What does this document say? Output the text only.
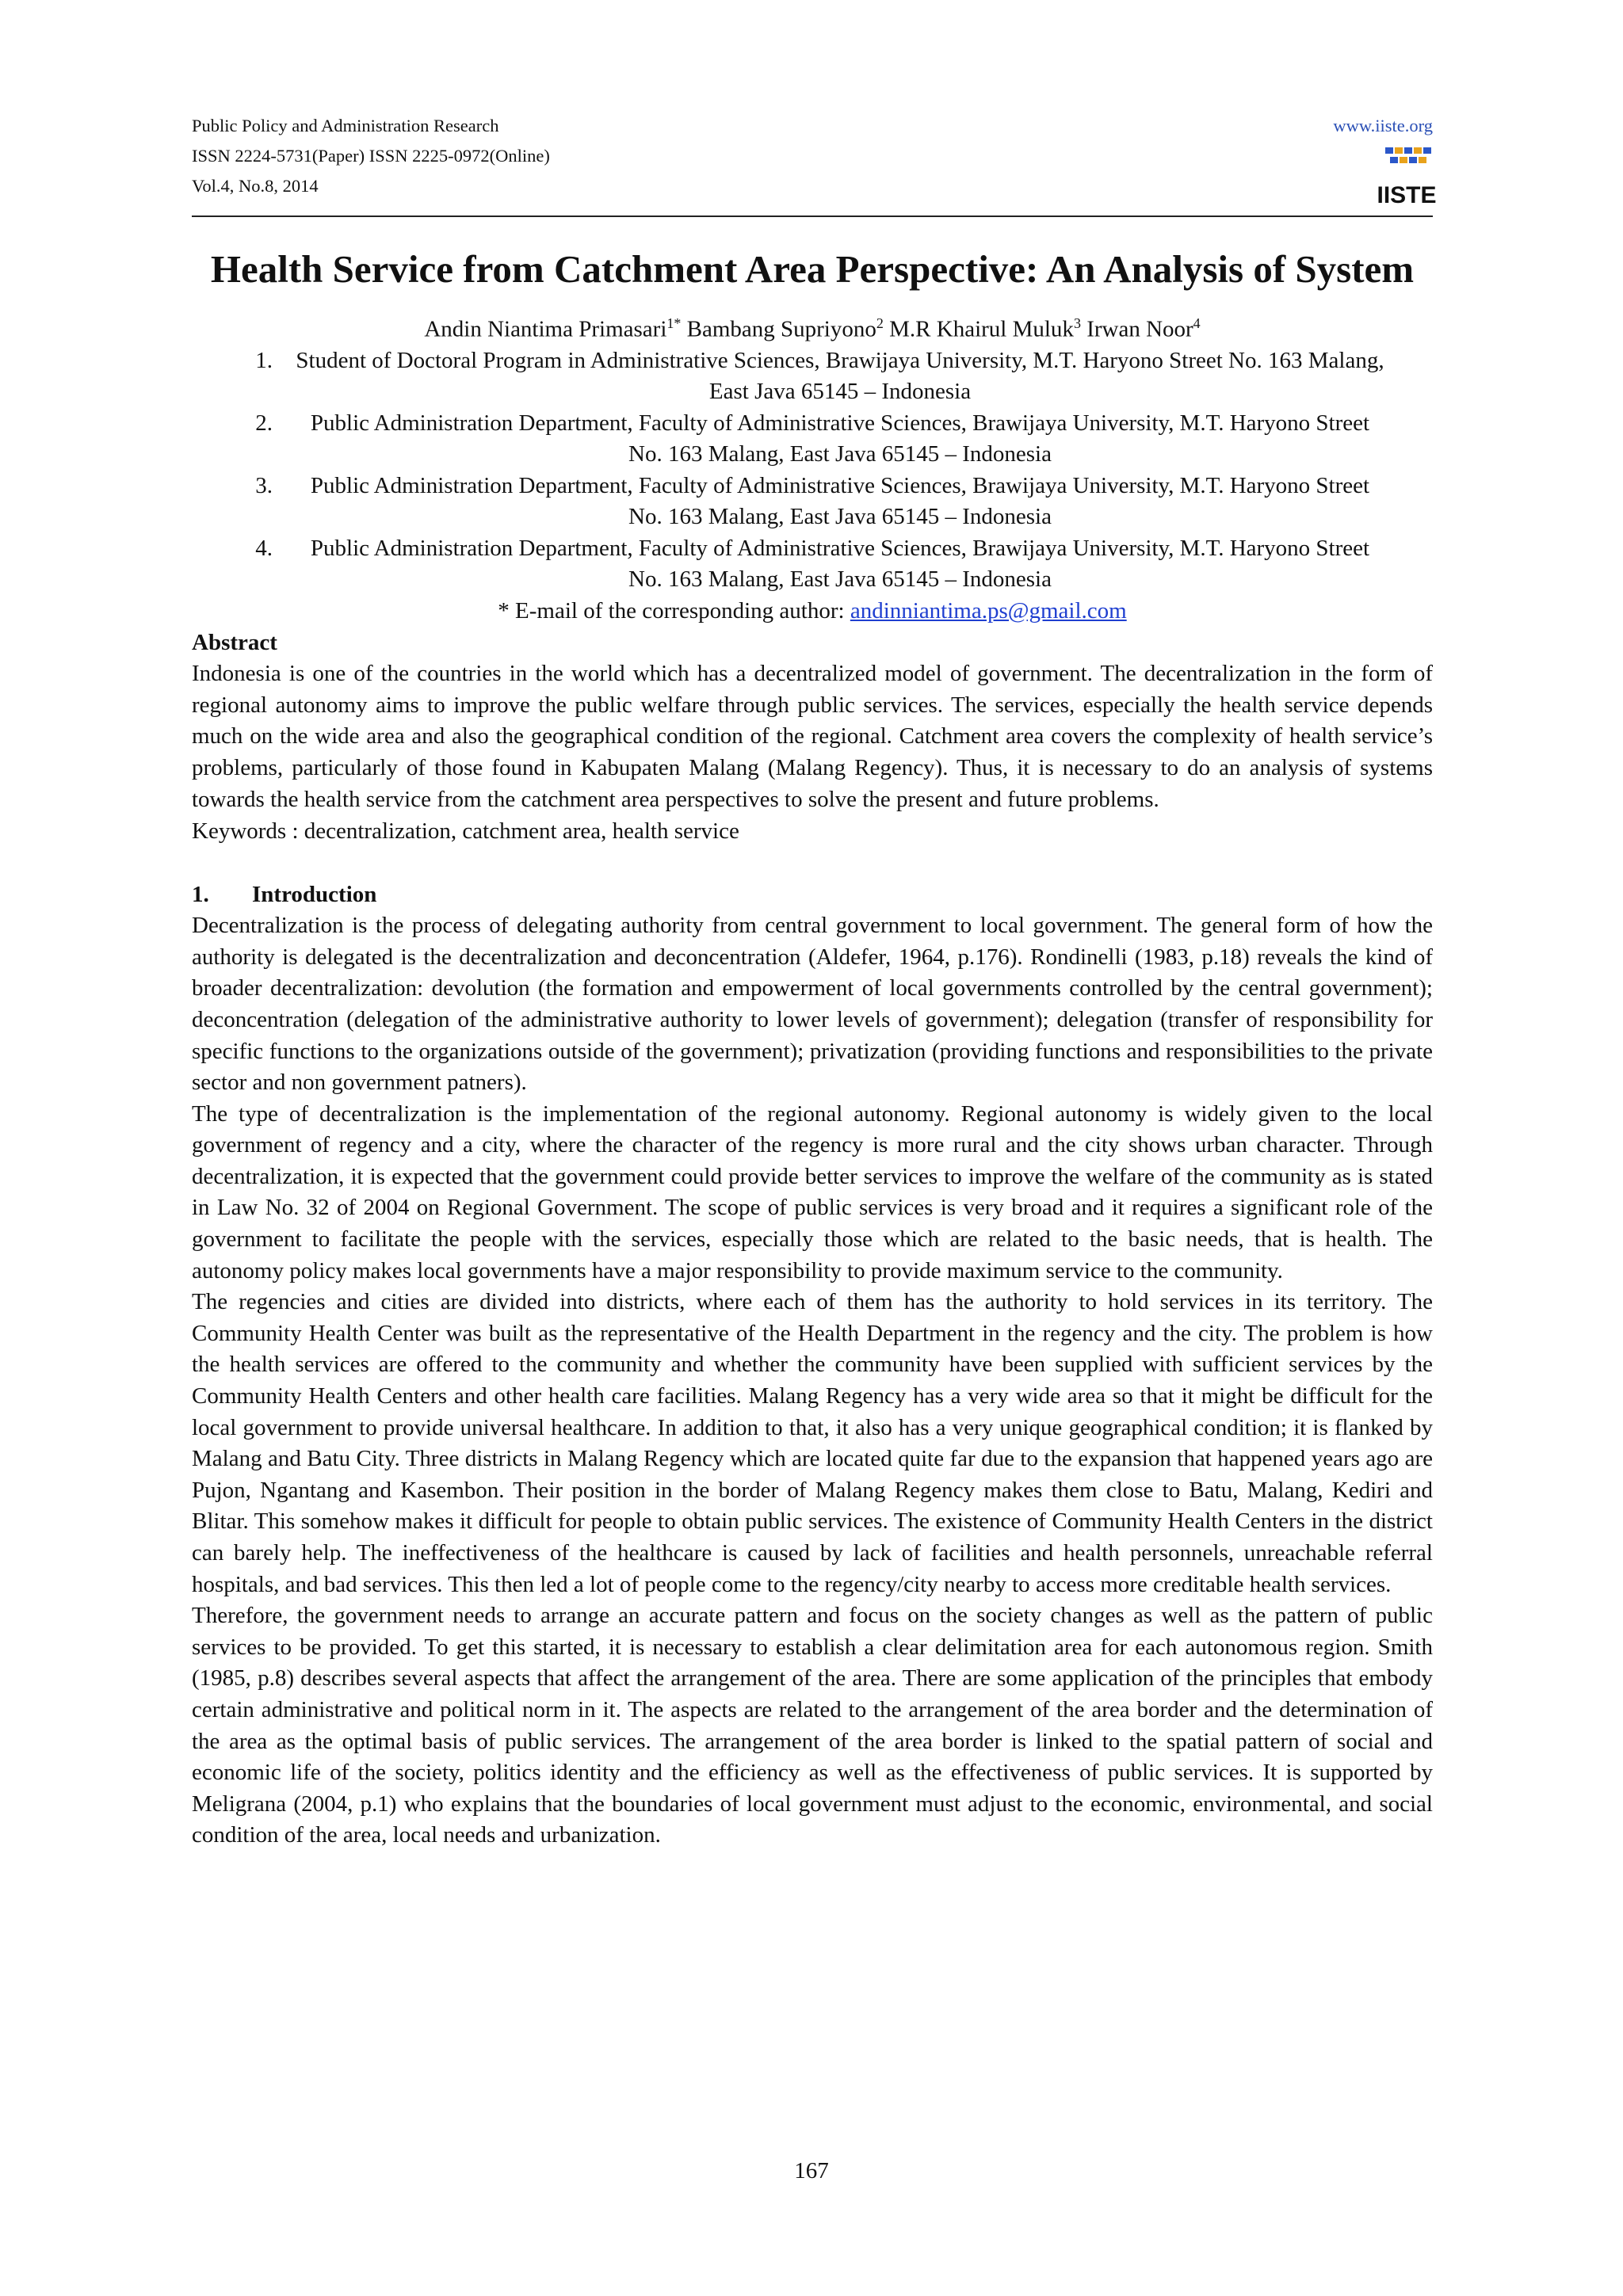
Public Policy and Administration Research
ISSN 2224-5731(Paper) ISSN 2225-0972(Online)
Vol.4, No.8, 2014
www.iiste.org
IISTE
Health Service from Catchment Area Perspective: An Analysis of System
Andin Niantima Primasari$^{1*}$ Bambang Supriyono$^2$ M.R Khairul Muluk$^3$ Irwan Noor$^4$
1.	Student of Doctoral Program in Administrative Sciences, Brawijaya University, M.T. Haryono Street No. 163 Malang, East Java 65145 – Indonesia
2.	Public Administration Department, Faculty of Administrative Sciences, Brawijaya University, M.T. Haryono Street No. 163 Malang, East Java 65145 – Indonesia
3.	Public Administration Department, Faculty of Administrative Sciences, Brawijaya University, M.T. Haryono Street No. 163 Malang, East Java 65145 – Indonesia
4.	Public Administration Department, Faculty of Administrative Sciences, Brawijaya University, M.T. Haryono Street No. 163 Malang, East Java 65145 – Indonesia
* E-mail of the corresponding author: andinniantima.ps@gmail.com
Abstract

Indonesia is one of the countries in the world which has a decentralized model of government. The decentralization in the form of regional autonomy aims to improve the public welfare through public services. The services, especially the health service depends much on the wide area and also the geographical condition of the regional. Catchment area covers the complexity of health service’s problems, particularly of those found in Kabupaten Malang (Malang Regency). Thus, it is necessary to do an analysis of systems towards the health service from the catchment area perspectives to solve the present and future problems.

Keywords : decentralization, catchment area, health service
1.	Introduction

Decentralization is the process of delegating authority from central government to local government. The general form of how the authority is delegated is the decentralization and deconcentration (Aldefer, 1964, p.176). Rondinelli (1983, p.18) reveals the kind of broader decentralization: devolution (the formation and empowerment of local governments controlled by the central government); deconcentration (delegation of the administrative authority to lower levels of government); delegation (transfer of responsibility for specific functions to the organizations outside of the government); privatization (providing functions and responsibilities to the private sector and non government patners).

The type of decentralization is the implementation of the regional autonomy. Regional autonomy is widely given to the local government of regency and a city, where the character of the regency is more rural and the city shows urban character. Through decentralization, it is expected that the government could provide better services to improve the welfare of the community as is stated in Law No. 32 of 2004 on Regional Government. The scope of public services is very broad and it requires a significant role of the government to facilitate the people with the services, especially those which are related to the basic needs, that is health. The autonomy policy makes local governments have a major responsibility to provide maximum service to the community.

The regencies and cities are divided into districts, where each of them has the authority to hold services in its territory. The Community Health Center was built as the representative of the Health Department in the regency and the city. The problem is how the health services are offered to the community and whether the community have been supplied with sufficient services by the Community Health Centers and other health care facilities. Malang Regency has a very wide area so that it might be difficult for the local government to provide universal healthcare. In addition to that, it also has a very unique geographical condition; it is flanked by Malang and Batu City. Three districts in Malang Regency which are located quite far due to the expansion that happened years ago are Pujon, Ngantang and Kasembon. Their position in the border of Malang Regency makes them close to Batu, Malang, Kediri and Blitar. This somehow makes it difficult for people to obtain public services. The existence of Community Health Centers in the district can barely help. The ineffectiveness of the healthcare is caused by lack of facilities and health personnels, unreachable referral hospitals, and bad services. This then led a lot of people come to the regency/city nearby to access more creditable health services.

Therefore, the government needs to arrange an accurate pattern and focus on the society changes as well as the pattern of public services to be provided. To get this started, it is necessary to establish a clear delimitation area for each autonomous region. Smith (1985, p.8) describes several aspects that affect the arrangement of the area. There are some application of the principles that embody certain administrative and political norm in it. The aspects are related to the arrangement of the area border and the determination of the area as the optimal basis of public services. The arrangement of the area border is linked to the spatial pattern of social and economic life of the society, politics identity and the efficiency as well as the effectiveness of public services. It is supported by Meligrana (2004, p.1) who explains that the boundaries of local government must adjust to the economic, environmental, and social condition of the area, local needs and urbanization.

167
